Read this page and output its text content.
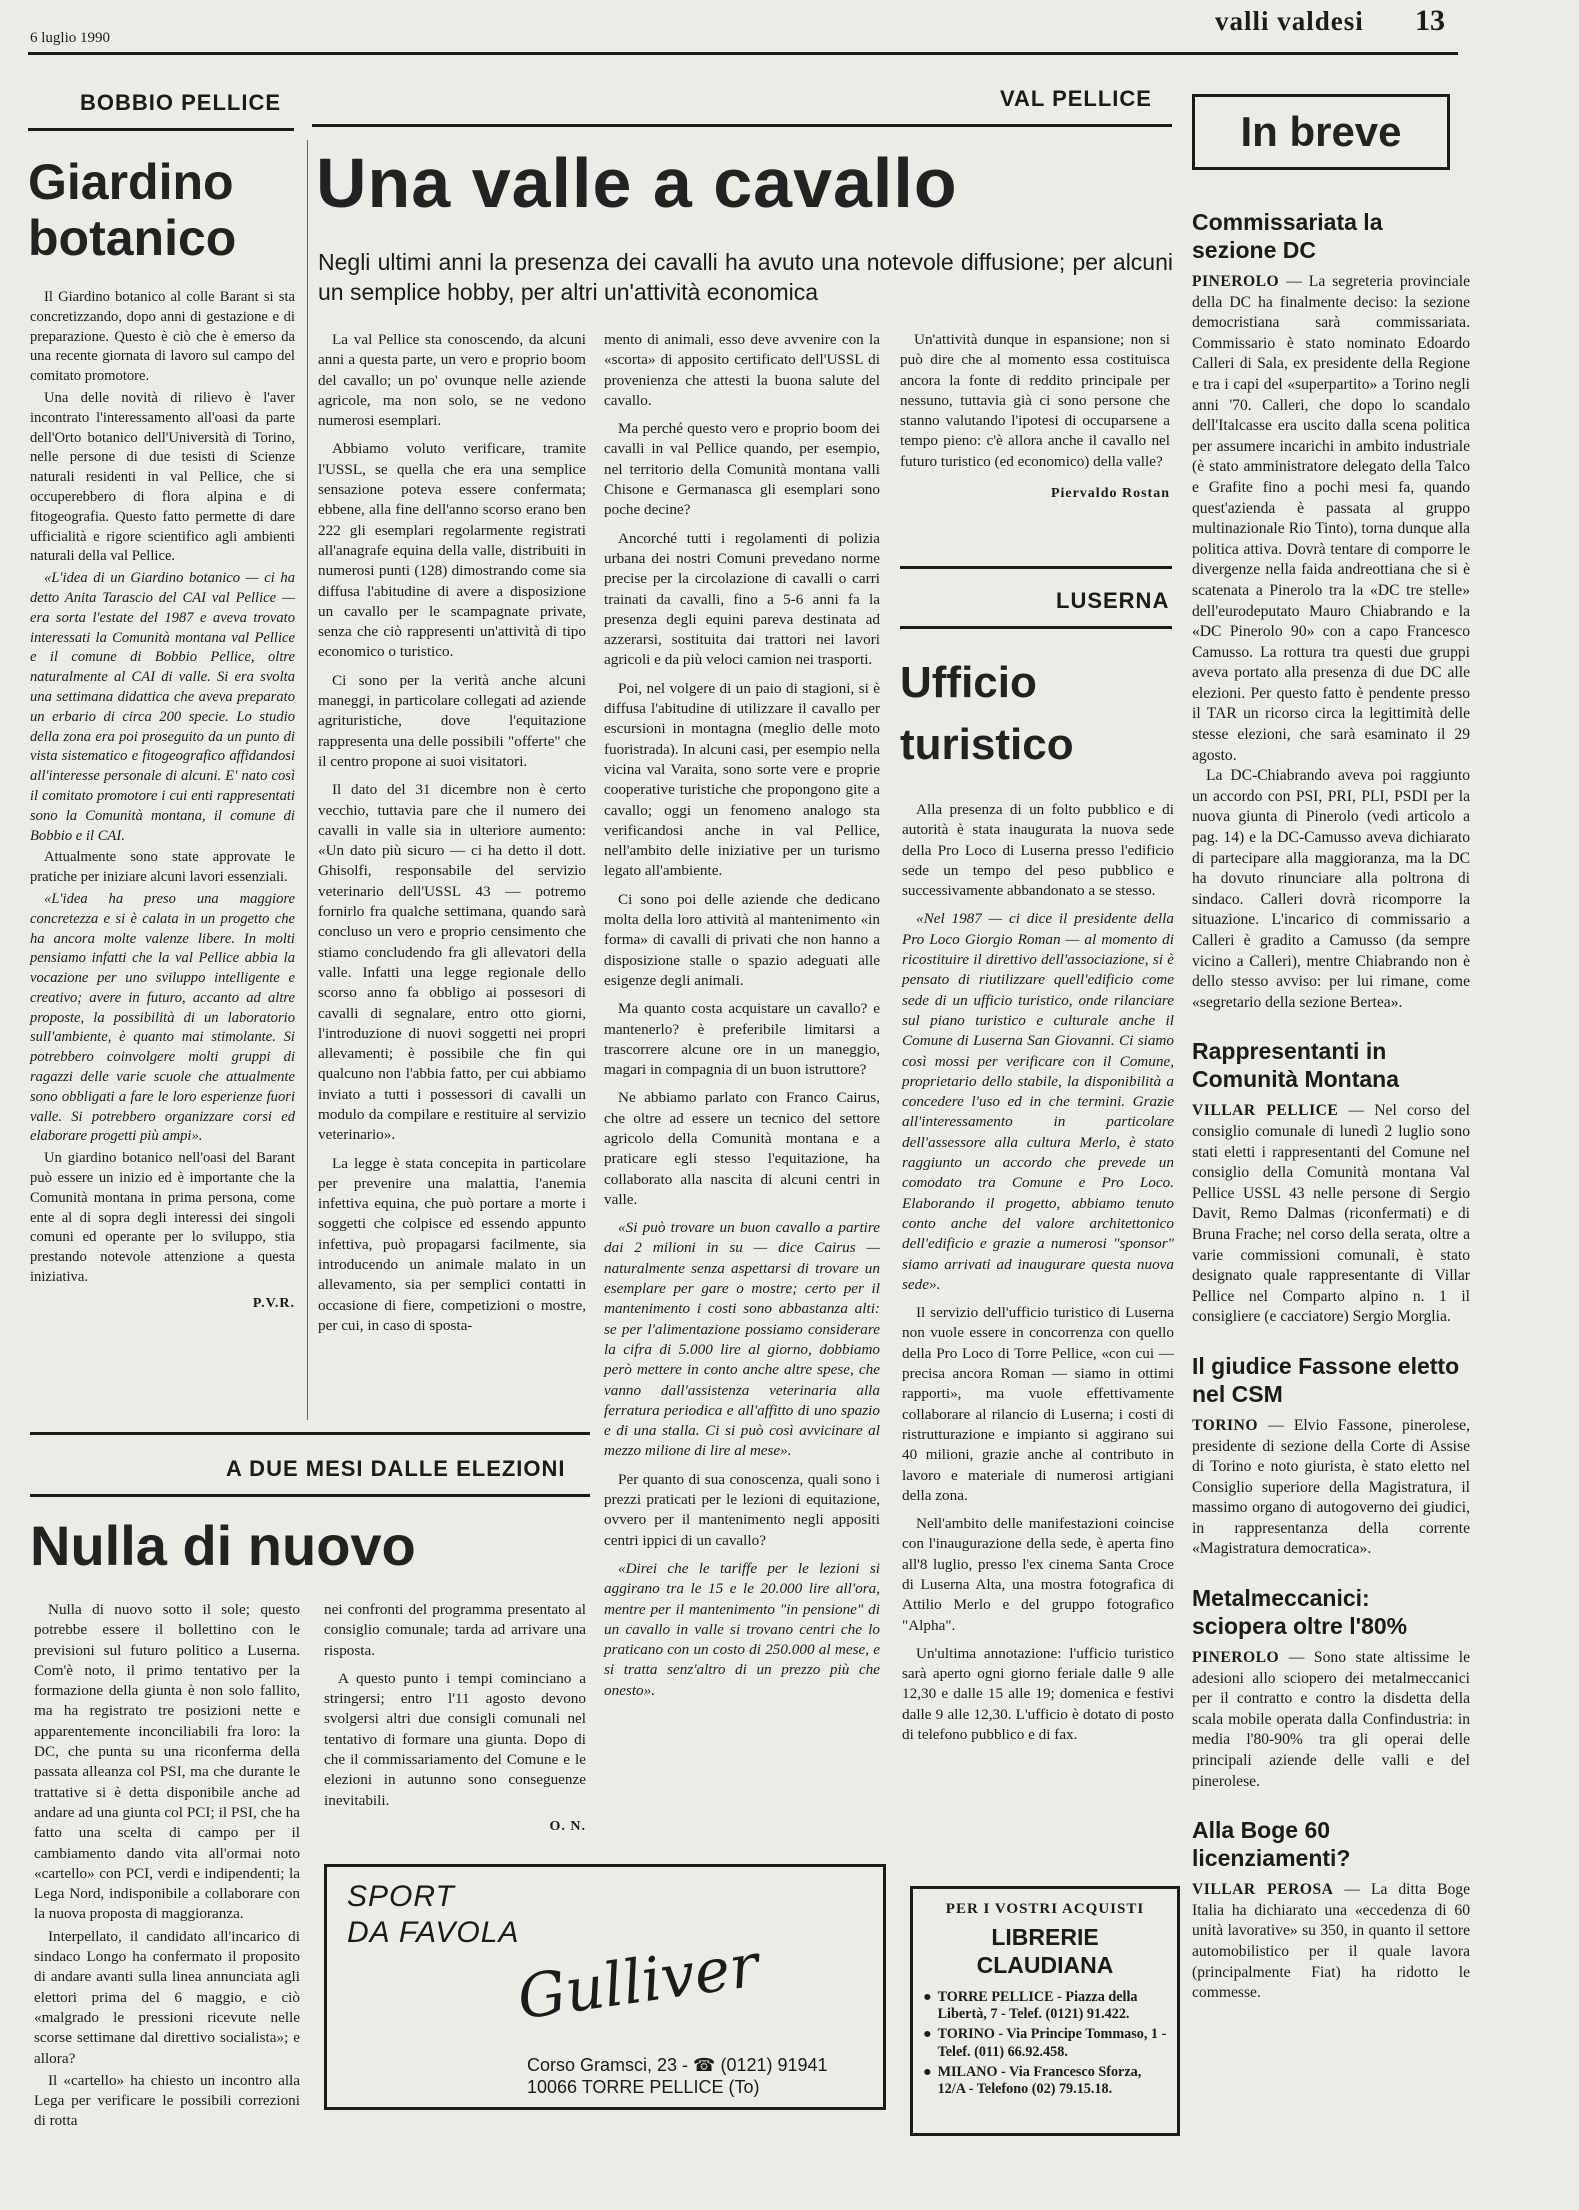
6 luglio 1990
valli valdesi 13
BOBBIO PELLICE	VAL PELLICE
Giardino
botanico

Il Giardino botanico al colle Barant si sta concretizzando, dopo anni di gestazione e di preparazione. Questo è ciò che è emerso da una recente giornata di lavoro sul campo del comitato promotore.

Una delle novità di rilievo è l'aver incontrato l'interessamento all'oasi da parte dell'Orto botanico dell'Università di Torino, nelle persone di due tesisti di Scienze naturali residenti in val Pellice, che si occuperebbero di flora alpina e di fitogeografia. Questo fatto permette di dare ufficialità e rigore scientifico agli ambienti naturali della val Pellice.

«L'idea di un Giardino botanico — ci ha detto Anita Tarascio del CAI val Pellice — era sorta l'estate del 1987 e aveva trovato interessati la Comunità montana val Pellice e il comune di Bobbio Pellice, oltre naturalmente al CAI di valle. Si era svolta una settimana didattica che aveva preparato un erbario di circa 200 specie. Lo studio della zona era poi proseguito da un punto di vista sistematico e fitogeografico affidandosi all'interesse personale di alcuni. E' nato così il comitato promotore i cui enti rappresentati sono la Comunità montana, il comune di Bobbio e il CAI.

Attualmente sono state approvate le pratiche per iniziare alcuni lavori essenziali.

«L'idea ha preso una maggiore concretezza e si è calata in un progetto che ha ancora molte valenze libere. In molti pensiamo infatti che la val Pellice abbia la vocazione per uno sviluppo intelligente e creativo; avere in futuro, accanto ad altre proposte, la possibilità di un laboratorio sull'ambiente, è quanto mai stimolante. Si potrebbero coinvolgere molti gruppi di ragazzi delle varie scuole che attualmente sono obbligati a fare le loro esperienze fuori valle. Si potrebbero organizzare corsi ed elaborare progetti più ampi».

Un giardino botanico nell'oasi del Barant può essere un inizio ed è importante che la Comunità montana in prima persona, come ente al di sopra degli interessi dei singoli comuni ed operante per lo sviluppo, stia prestando notevole attenzione a questa iniziativa.

P.V.R.
Una valle a cavallo
Negli ultimi anni la presenza dei cavalli ha avuto una notevole diffusione; per alcuni un semplice hobby, per altri un'attività economica

La val Pellice sta conoscendo, da alcuni anni a questa parte, un vero e proprio boom del cavallo; un po' ovunque nelle aziende agricole, ma non solo, se ne vedono numerosi esemplari.

Abbiamo voluto verificare, tramite l'USSL, se quella che era una semplice sensazione poteva essere confermata; ebbene, alla fine dell'anno scorso erano ben 222 gli esemplari regolarmente registrati all'anagrafe equina della valle, distribuiti in numerosi punti (128) dimostrando come sia diffusa l'abitudine di avere a disposizione un cavallo per le scampagnate private, senza che ciò rappresenti un'attività di tipo economico o turistico.

Ci sono per la verità anche alcuni maneggi, in particolare collegati ad aziende agrituristiche, dove l'equitazione rappresenta una delle possibili "offerte" che il centro propone ai suoi visitatori.

Il dato del 31 dicembre non è certo vecchio, tuttavia pare che il numero dei cavalli in valle sia in ulteriore aumento: «Un dato più sicuro — ci ha detto il dott. Ghisolfi, responsabile del servizio veterinario dell'USSL 43 — potremo fornirlo fra qualche settimana, quando sarà concluso un vero e proprio censimento che stiamo concludendo fra gli allevatori della valle. Infatti una legge regionale dello scorso anno fa obbligo ai possesori di cavalli di segnalare, entro otto giorni, l'introduzione di nuovi soggetti nei propri allevamenti; è possibile che fin qui qualcuno non l'abbia fatto, per cui abbiamo inviato a tutti i possessori di cavalli un modulo da compilare e restituire al servizio veterinario».

La legge è stata concepita in particolare per prevenire una malattia, l'anemia infettiva equina, che può portare a morte i soggetti che colpisce ed essendo appunto infettiva, può propagarsi facilmente, sia introducendo un animale malato in un allevamento, sia per semplici contatti in occasione di fiere, competizioni o mostre, per cui, in caso di sposta-

mento di animali, esso deve avvenire con la «scorta» di apposito certificato dell'USSL di provenienza che attesti la buona salute del cavallo.

Ma perché questo vero e proprio boom dei cavalli in val Pellice quando, per esempio, nel territorio della Comunità montana valli Chisone e Germanasca gli esemplari sono poche decine?

Ancorché tutti i regolamenti di polizia urbana dei nostri Comuni prevedano norme precise per la circolazione di cavalli o carri trainati da cavalli, fino a 5-6 anni fa la presenza degli equini pareva destinata ad azzerarsi, sostituita dai trattori nei lavori agricoli e da più veloci camion nei trasporti.

Poi, nel volgere di un paio di stagioni, si è diffusa l'abitudine di utilizzare il cavallo per escursioni in montagna (meglio delle moto fuoristrada). In alcuni casi, per esempio nella vicina val Varaita, sono sorte vere e proprie cooperative turistiche che propongono gite a cavallo; oggi un fenomeno analogo sta verificandosi anche in val Pellice, nell'ambito delle iniziative per un turismo legato all'ambiente.

Ci sono poi delle aziende che dedicano molta della loro attività al mantenimento «in forma» di cavalli di privati che non hanno a disposizione stalle o spazio adeguati alle esigenze degli animali.

Ma quanto costa acquistare un cavallo? e mantenerlo? è preferibile limitarsi a trascorrere alcune ore in un maneggio, magari in compagnia di un buon istruttore?

Ne abbiamo parlato con Franco Cairus, che oltre ad essere un tecnico del settore agricolo della Comunità montana e a praticare egli stesso l'equitazione, ha collaborato alla nascita di alcuni centri in valle.

«Si può trovare un buon cavallo a partire dai 2 milioni in su — dice Cairus — naturalmente senza aspettarsi di trovare un esemplare per gare o mostre; certo per il mantenimento i costi sono abbastanza alti: se per l'alimentazione possiamo considerare la cifra di 5.000 lire al giorno, dobbiamo però mettere in conto anche altre spese, che vanno dall'assistenza veterinaria alla ferratura periodica e all'affitto di uno spazio e di una stalla. Ci si può così avvicinare al mezzo milione di lire al mese».

Per quanto di sua conoscenza, quali sono i prezzi praticati per le lezioni di equitazione, ovvero per il mantenimento negli appositi centri ippici di un cavallo?

«Direi che le tariffe per le lezioni si aggirano tra le 15 e le 20.000 lire all'ora, mentre per il mantenimento "in pensione" di un cavallo in valle si trovano centri che lo praticano con un costo di 250.000 al mese, e si tratta senz'altro di un prezzo più che onesto».

Un'attività dunque in espansione; non si può dire che al momento essa costituisca ancora la fonte di reddito principale per nessuno, tuttavia già ci sono persone che stanno valutando l'ipotesi di occuparsene a tempo pieno: c'è allora anche il cavallo nel futuro turistico (ed economico) della valle?

Piervaldo Rostan
LUSERNA
Ufficio
turistico

Alla presenza di un folto pubblico e di autorità è stata inaugurata la nuova sede della Pro Loco di Luserna presso l'edificio sede un tempo del peso pubblico e successivamente abbandonato a se stesso.

«Nel 1987 — ci dice il presidente della Pro Loco Giorgio Roman — al momento di ricostituire il direttivo dell'associazione, si è pensato di riutilizzare quell'edificio come sede di un ufficio turistico, onde rilanciare sul piano turistico e culturale anche il Comune di Luserna San Giovanni. Ci siamo così mossi per verificare con il Comune, proprietario dello stabile, la disponibilità a concedere l'uso ed in che termini. Grazie all'interessamento in particolare dell'assessore alla cultura Merlo, è stato raggiunto un accordo che prevede un comodato tra Comune e Pro Loco. Elaborando il progetto, abbiamo tenuto conto anche del valore architettonico dell'edificio e grazie a numerosi "sponsor" siamo arrivati ad inaugurare questa nuova sede».

Il servizio dell'ufficio turistico di Luserna non vuole essere in concorrenza con quello della Pro Loco di Torre Pellice, «con cui — precisa ancora Roman — siamo in ottimi rapporti», ma vuole effettivamente collaborare al rilancio di Luserna; i costi di ristrutturazione e impianto si aggirano sui 40 milioni, grazie anche al contributo in lavoro e materiale di numerosi artigiani della zona.

Nell'ambito delle manifestazioni coincise con l'inaugurazione della sede, è aperta fino all'8 luglio, presso l'ex cinema Santa Croce di Luserna Alta, una mostra fotografica di Attilio Merlo e del gruppo fotografico "Alpha".

Un'ultima annotazione: l'ufficio turistico sarà aperto ogni giorno feriale dalle 9 alle 12,30 e dalle 15 alle 19; domenica e festivi dalle 9 alle 12,30. L'ufficio è dotato di posto di telefono pubblico e di fax.

A DUE MESI DALLE ELEZIONI
Nulla di nuovo

Nulla di nuovo sotto il sole; questo potrebbe essere il bollettino con le previsioni sul futuro politico a Luserna. Com'è noto, il primo tentativo per la formazione della giunta è non solo fallito, ma ha registrato tre posizioni nette e apparentemente inconciliabili fra loro: la DC, che punta su una riconferma della passata alleanza col PSI, ma che durante le trattative si è detta disponibile anche ad andare ad una giunta col PCI; il PSI, che ha fatto una scelta di campo per il cambiamento dando vita all'ormai noto «cartello» con PCI, verdi e indipendenti; la Lega Nord, indisponibile a collaborare con la nuova proposta di maggioranza.

Interpellato, il candidato all'incarico di sindaco Longo ha confermato il proposito di andare avanti sulla linea annunciata agli elettori prima del 6 maggio, e ciò «malgrado le pressioni ricevute nelle scorse settimane dal direttivo socialista»; e allora?

Il «cartello» ha chiesto un incontro alla Lega per verificare le possibili correzioni di rotta

nei confronti del programma presentato al consiglio comunale; tarda ad arrivare una risposta.

A questo punto i tempi cominciano a stringersi; entro l'11 agosto devono svolgersi altri due consigli comunali nel tentativo di formare una giunta. Dopo di che il commissariamento del Comune e le elezioni in autunno sono conseguenze inevitabili.

O. N.
SPORT
DA FAVOLA
Gulliver
Corso Gramsci, 23 - ☎ (0121) 91941
10066 TORRE PELLICE (To)
PER I VOSTRI ACQUISTI
LIBRERIE
CLAUDIANA
● TORRE PELLICE - Piazza della Libertà, 7 - Telef. (0121) 91.422.
● TORINO - Via Principe Tommaso, 1 - Telef. (011) 66.92.458.
● MILANO - Via Francesco Sforza, 12/A - Telefono (02) 79.15.18.
In breve
Commissariata la sezione DC

PINEROLO — La segreteria provinciale della DC ha finalmente deciso: la sezione democristiana sarà commissariata. Commissario è stato nominato Edoardo Calleri di Sala, ex presidente della Regione e tra i capi del «superpartito» a Torino negli anni '70. Calleri, che dopo lo scandalo dell'Italcasse era uscito dalla scena politica per assumere incarichi in ambito industriale (è stato amministratore delegato della Talco e Grafite fino a pochi mesi fa, quando quest'azienda è passata al gruppo multinazionale Rio Tinto), torna dunque alla politica attiva. Dovrà tentare di comporre le divergenze nella faida andreottiana che si è scatenata a Pinerolo tra la «DC tre stelle» dell'eurodeputato Mauro Chiabrando e la «DC Pinerolo 90» con a capo Francesco Camusso. La rottura tra questi due gruppi aveva portato alla presenza di due DC alle elezioni. Per questo fatto è pendente presso il TAR un ricorso circa la legittimità delle stesse elezioni, che sarà esaminato il 29 agosto.

La DC-Chiabrando aveva poi raggiunto un accordo con PSI, PRI, PLI, PSDI per la nuova giunta di Pinerolo (vedi articolo a pag. 14) e la DC-Camusso aveva dichiarato di partecipare alla maggioranza, ma la DC ha dovuto rinunciare alla poltrona di sindaco. Calleri dovrà ricomporre la situazione. L'incarico di commissario a Calleri è gradito a Camusso (da sempre vicino a Calleri), mentre Chiabrando non è dello stesso avviso: per lui rimane, come «segretario della sezione Bertea».

Rappresentanti in Comunità Montana

VILLAR PELLICE — Nel corso del consiglio comunale di lunedì 2 luglio sono stati eletti i rappresentanti del Comune nel consiglio della Comunità montana Val Pellice USSL 43 nelle persone di Sergio Davit, Remo Dalmas (riconfermati) e di Bruna Frache; nel corso della serata, oltre a varie commissioni comunali, è stato designato quale rappresentante di Villar Pellice nel Comparto alpino n. 1 il consigliere (e cacciatore) Sergio Morglia.

Il giudice Fassone eletto nel CSM

TORINO — Elvio Fassone, pinerolese, presidente di sezione della Corte di Assise di Torino e noto giurista, è stato eletto nel Consiglio superiore della Magistratura, il massimo organo di autogoverno dei giudici, in rappresentanza della corrente «Magistratura democratica».

Metalmeccanici: sciopera oltre l'80%

PINEROLO — Sono state altissime le adesioni allo sciopero dei metalmeccanici per il contratto e contro la disdetta della scala mobile operata dalla Confindustria: in media l'80-90% tra gli operai delle principali aziende delle valli e del pinerolese.

Alla Boge 60 licenziamenti?

VILLAR PEROSA — La ditta Boge Italia ha dichiarato una «eccedenza di 60 unità lavorative» su 350, in quanto il settore automobilistico per il quale lavora (principalmente Fiat) ha ridotto le commesse.
